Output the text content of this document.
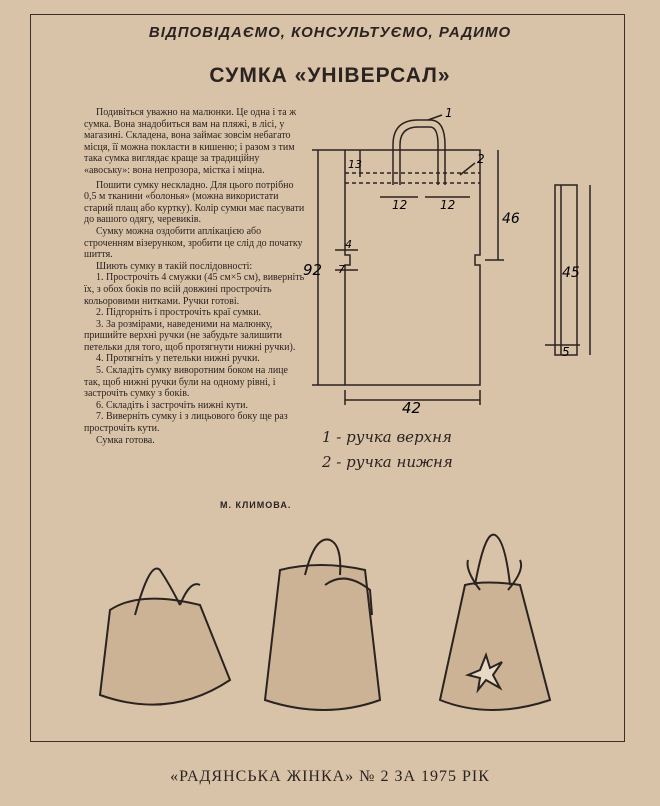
ВІДПОВІДАЄМО, КОНСУЛЬТУЄМО, РАДИМО
СУМКА «УНІВЕРСАЛ»

Подивіться уважно на малюнки. Це одна і та ж сумка. Вона знадобиться вам на пляжі, в лісі, у магазині. Складена, вона займає зовсім небагато місця, її можна покласти в кишеню; і разом з тим така сумка виглядає краще за традиційну «авоську»: вона непрозора, містка і міцна.

Пошити сумку нескладно. Для цього потрібно 0,5 м тканини «болонья» (можна використати старий плащ або куртку). Колір сумки має пасувати до вашого одягу, черевиків.

Сумку можна оздобити аплікацією або строченням візерунком, зробити це слід до початку шиття.

Шиють сумку в такій послідовності:

1. Прострочіть 4 смужки (45 см×5 см), виверніть їх, з обох боків по всій довжині прострочіть кольоровими нитками. Ручки готові.

2. Підгорніть і прострочіть краї сумки.

3. За розмірами, наведеними на малюнку, пришийте верхні ручки (не забудьте залишити петельки для того, щоб протягнути нижні ручки).

4. Протягніть у петельки нижні ручки.

5. Складіть сумку виворотним боком на лице так, щоб нижні ручки були на одному рівні, і застрочіть сумку з боків.

6. Складіть і застрочіть нижні кути.

7. Виверніть сумку і з лицьового боку ще раз прострочіть кути.

Сумка готова.

М. КЛИМОВА.
1
2
13
12	12
46
4
7
92
42
45
5
1 - ручка верхня
2 - ручка нижня
«РАДЯНСЬКА ЖІНКА» № 2 ЗА 1975 РІК
